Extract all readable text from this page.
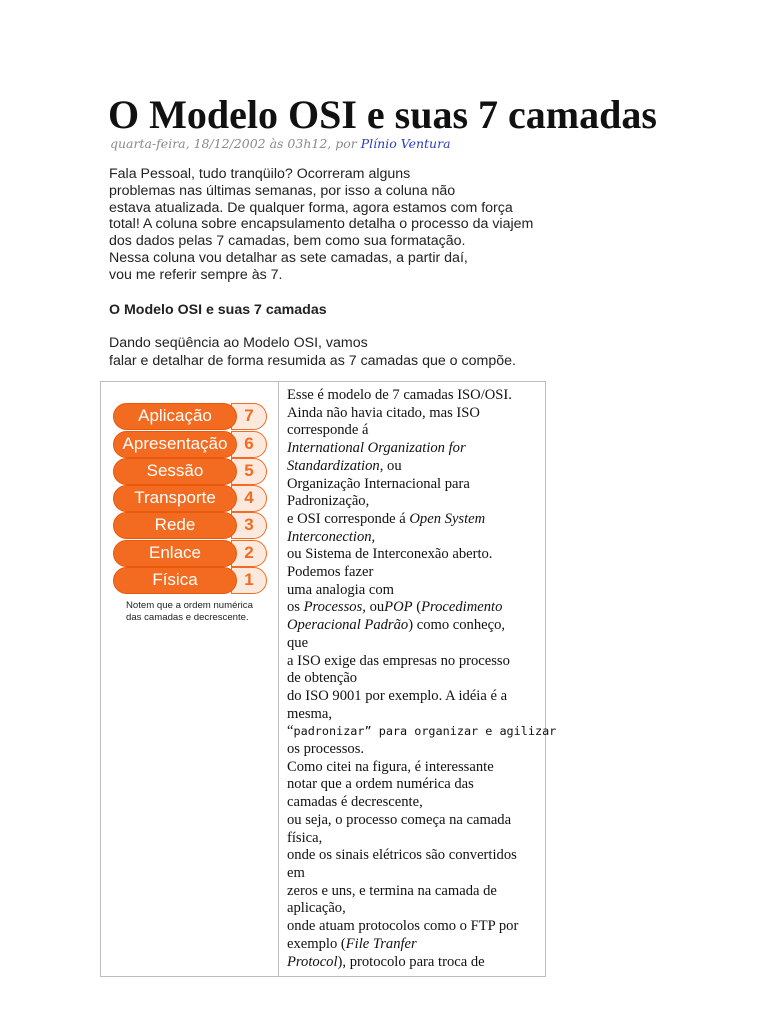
O Modelo OSI e suas 7 camadas
quarta-feira, 18/12/2002 às 03h12, por Plínio Ventura
Fala Pessoal, tudo tranqüilo? Ocorreram alguns
problemas nas últimas semanas, por isso a coluna não
estava atualizada. De qualquer forma, agora estamos com força
total! A coluna sobre encapsulamento detalha o processo da viajem
dos dados pelas 7 camadas, bem como sua formatação.
Nessa coluna vou detalhar as sete camadas, a partir daí,
vou me referir sempre às 7.
O Modelo OSI e suas 7 camadas
Dando seqüência ao Modelo OSI, vamos
falar e detalhar de forma resumida as 7 camadas que o compõe.
7
Aplicação
6
Apresentação
5
Sessão
4
Transporte
3
Rede
2
Enlace
1
Física
Notem que a ordem numérica
das camadas e decrescente.
Esse é modelo de 7 camadas ISO/OSI.
Ainda não havia citado, mas ISO
corresponde á
International Organization for
Standardization, ou
Organização Internacional para
Padronização,
e OSI corresponde á Open System
Interconection,
ou Sistema de Interconexão aberto.
Podemos fazer
uma analogia com
os Processos, ouPOP (Procedimento
Operacional Padrão) como conheço,
que
a ISO exige das empresas no processo
de obtenção
do ISO 9001 por exemplo. A idéia é a
mesma,
“padronizar” para organizar e agilizar
os processos.
Como citei na figura, é interessante
notar que a ordem numérica das
camadas é decrescente,
ou seja, o processo começa na camada
física,
onde os sinais elétricos são convertidos
em
zeros e uns, e termina na camada de
aplicação,
onde atuam protocolos como o FTP por
exemplo (File Tranfer
Protocol), protocolo para troca de
